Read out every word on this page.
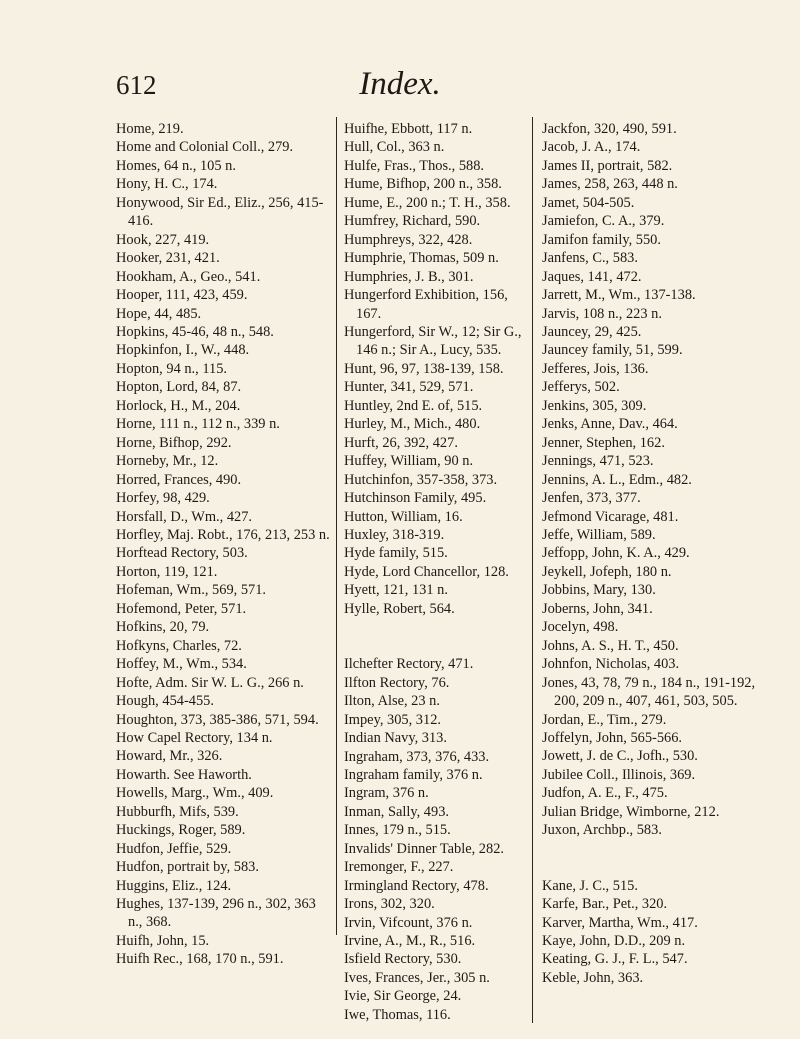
612	Index.
Home, 219.
Home and Colonial Coll., 279.
Homes, 64 n., 105 n.
Hony, H. C., 174.
Honywood, Sir Ed., Eliz., 256, 415-416.
Hook, 227, 419.
Hooker, 231, 421.
Hookham, A., Geo., 541.
Hooper, 111, 423, 459.
Hope, 44, 485.
Hopkins, 45-46, 48 n., 548.
Hopkinfon, I., W., 448.
Hopton, 94 n., 115.
Hopton, Lord, 84, 87.
Horlock, H., M., 204.
Horne, 111 n., 112 n., 339 n.
Horne, Bifhop, 292.
Horneby, Mr., 12.
Horred, Frances, 490.
Horfey, 98, 429.
Horsfall, D., Wm., 427.
Horfley, Maj. Robt., 176, 213, 253 n.
Horftead Rectory, 503.
Horton, 119, 121.
Hofeman, Wm., 569, 571.
Hofemond, Peter, 571.
Hofkins, 20, 79.
Hofkyns, Charles, 72.
Hoffey, M., Wm., 534.
Hofte, Adm. Sir W. L. G., 266 n.
Hough, 454-455.
Houghton, 373, 385-386, 571, 594.
How Capel Rectory, 134 n.
Howard, Mr., 326.
Howarth. See Haworth.
Howells, Marg., Wm., 409.
Hubburfh, Mifs, 539.
Huckings, Roger, 589.
Hudfon, Jeffie, 529.
Hudfon, portrait by, 583.
Huggins, Eliz., 124.
Hughes, 137-139, 296 n., 302, 363 n., 368.
Huifh, John, 15.
Huifh Rec., 168, 170 n., 591.
Huifhe, Ebbott, 117 n.
Hull, Col., 363 n.
Hulfe, Fras., Thos., 588.
Hume, Bifhop, 200 n., 358.
Hume, E., 200 n.; T. H., 358.
Humfrey, Richard, 590.
Humphreys, 322, 428.
Humphrie, Thomas, 509 n.
Humphries, J. B., 301.
Hungerford Exhibition, 156, 167.
Hungerford, Sir W., 12; Sir G., 146 n.; Sir A., Lucy, 535.
Hunt, 96, 97, 138-139, 158.
Hunter, 341, 529, 571.
Huntley, 2nd E. of, 515.
Hurley, M., Mich., 480.
Hurft, 26, 392, 427.
Huffey, William, 90 n.
Hutchinfon, 357-358, 373.
Hutchinson Family, 495.
Hutton, William, 16.
Huxley, 318-319.
Hyde family, 515.
Hyde, Lord Chancellor, 128.
Hyett, 121, 131 n.
Hylle, Robert, 564.
Ilchefter Rectory, 471.
Ilfton Rectory, 76.
Ilton, Alse, 23 n.
Impey, 305, 312.
Indian Navy, 313.
Ingraham, 373, 376, 433.
Ingraham family, 376 n.
Ingram, 376 n.
Inman, Sally, 493.
Innes, 179 n., 515.
Invalids' Dinner Table, 282.
Iremonger, F., 227.
Irmingland Rectory, 478.
Irons, 302, 320.
Irvin, Vifcount, 376 n.
Irvine, A., M., R., 516.
Isfield Rectory, 530.
Ives, Frances, Jer., 305 n.
Ivie, Sir George, 24.
Iwe, Thomas, 116.
Jackfon, 320, 490, 591.
Jacob, J. A., 174.
James II, portrait, 582.
James, 258, 263, 448 n.
Jamet, 504-505.
Jamiefon, C. A., 379.
Jamifon family, 550.
Janfens, C., 583.
Jaques, 141, 472.
Jarrett, M., Wm., 137-138.
Jarvis, 108 n., 223 n.
Jauncey, 29, 425.
Jauncey family, 51, 599.
Jefferes, Jois, 136.
Jefferys, 502.
Jenkins, 305, 309.
Jenks, Anne, Dav., 464.
Jenner, Stephen, 162.
Jennings, 471, 523.
Jennins, A. L., Edm., 482.
Jenfen, 373, 377.
Jefmond Vicarage, 481.
Jeffe, William, 589.
Jeffopp, John, K. A., 429.
Jeykell, Jofeph, 180 n.
Jobbins, Mary, 130.
Joberns, John, 341.
Jocelyn, 498.
Johns, A. S., H. T., 450.
Johnfon, Nicholas, 403.
Jones, 43, 78, 79 n., 184 n., 191-192, 200, 209 n., 407, 461, 503, 505.
Jordan, E., Tim., 279.
Joffelyn, John, 565-566.
Jowett, J. de C., Jofh., 530.
Jubilee Coll., Illinois, 369.
Judfon, A. E., F., 475.
Julian Bridge, Wimborne, 212.
Juxon, Archbp., 583.
Kane, J. C., 515.
Karfe, Bar., Pet., 320.
Karver, Martha, Wm., 417.
Kaye, John, D.D., 209 n.
Keating, G. J., F. L., 547.
Keble, John, 363.
